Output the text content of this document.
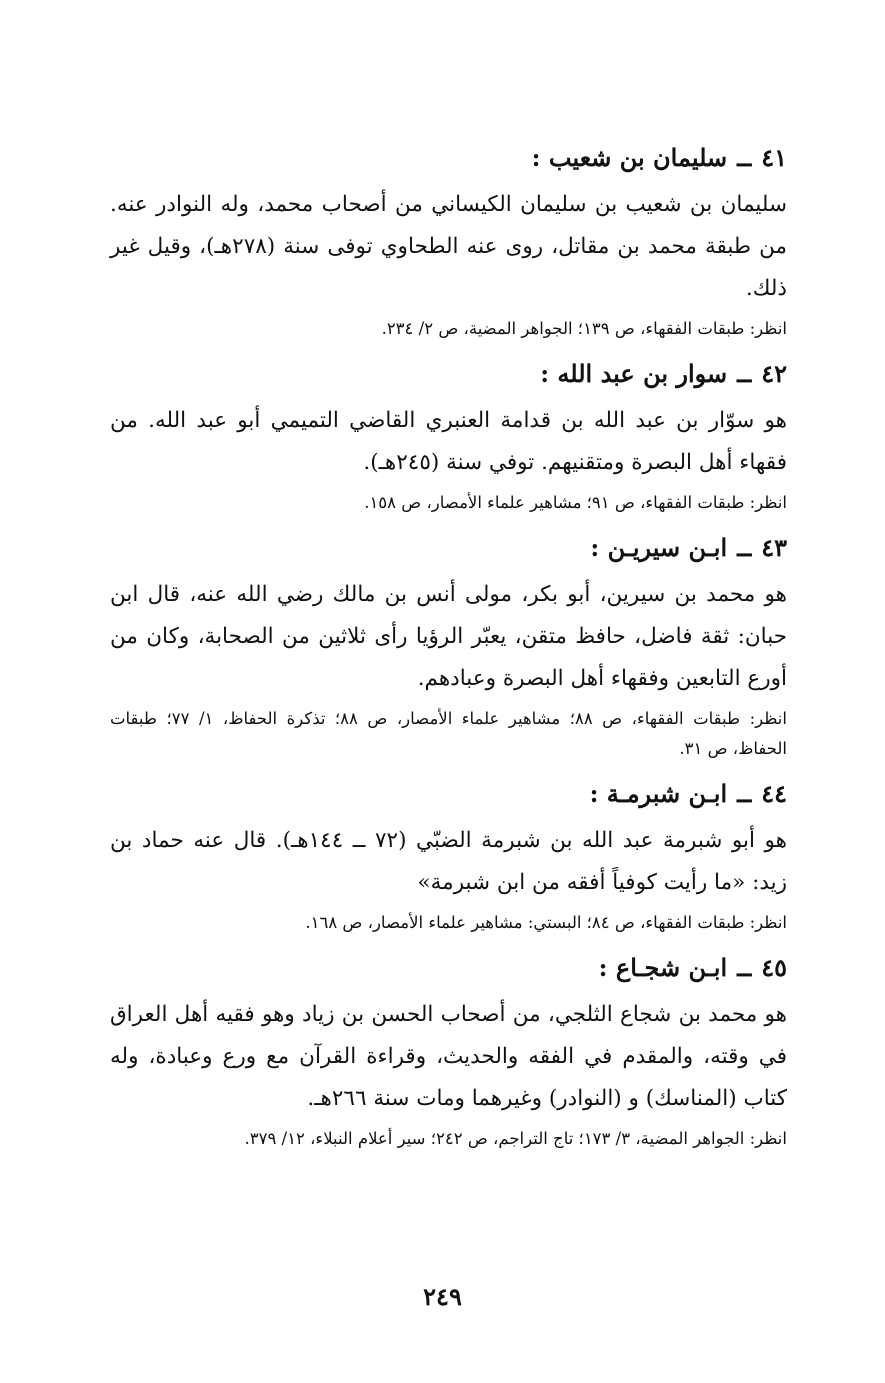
٤١ــسليمان بن شعيب :
سليمان بن شعيب بن سليمان الكيساني من أصحاب محمد، وله النوادر عنه. من طبقة محمد بن مقاتل، روى عنه الطحاوي توفى سنة (٢٧٨هـ)، وقيل غير ذلك.
انظر: طبقات الفقهاء، ص ١٣٩؛ الجواهر المضية، ص ٢/ ٢٣٤.
٤٢ــسوار بن عبد الله :
هو سوّار بن عبد الله بن قدامة العنبري القاضي التميمي أبو عبد الله. من فقهاء أهل البصرة ومتقنيهم. توفي سنة (٢٤٥هـ).
انظر: طبقات الفقهاء، ص ٩١؛ مشاهير علماء الأمصار، ص ١٥٨.
٤٣ــابـن سيريـن :
هو محمد بن سيرين، أبو بكر، مولى أنس بن مالك رضي الله عنه، قال ابن حبان: ثقة فاضل، حافظ متقن، يعبّر الرؤيا رأى ثلاثين من الصحابة، وكان من أورع التابعين وفقهاء أهل البصرة وعبادهم.
انظر: طبقات الفقهاء، ص ٨٨؛ مشاهير علماء الأمصار، ص ٨٨؛ تذكرة الحفاظ، ١/ ٧٧؛ طبقات الحفاظ، ص ٣١.
٤٤ــابـن شبرمـة :
هو أبو شبرمة عبد الله بن شبرمة الضبّي (٧٢ ــ ١٤٤هـ). قال عنه حماد بن زيد: «ما رأيت كوفياً أفقه من ابن شبرمة»
انظر: طبقات الفقهاء، ص ٨٤؛ البستي: مشاهير علماء الأمصار، ص ١٦٨.
٤٥ــابـن شجـاع :
هو محمد بن شجاع الثلجي، من أصحاب الحسن بن زياد وهو فقيه أهل العراق في وقته، والمقدم في الفقه والحديث، وقراءة القرآن مع ورع وعبادة، وله كتاب (المناسك) و (النوادر) وغيرهما ومات سنة ٢٦٦هـ.
انظر: الجواهر المضية، ٣/ ١٧٣؛ تاج التراجم، ص ٢٤٢؛ سير أعلام النبلاء، ١٢/ ٣٧٩.
٢٤٩
